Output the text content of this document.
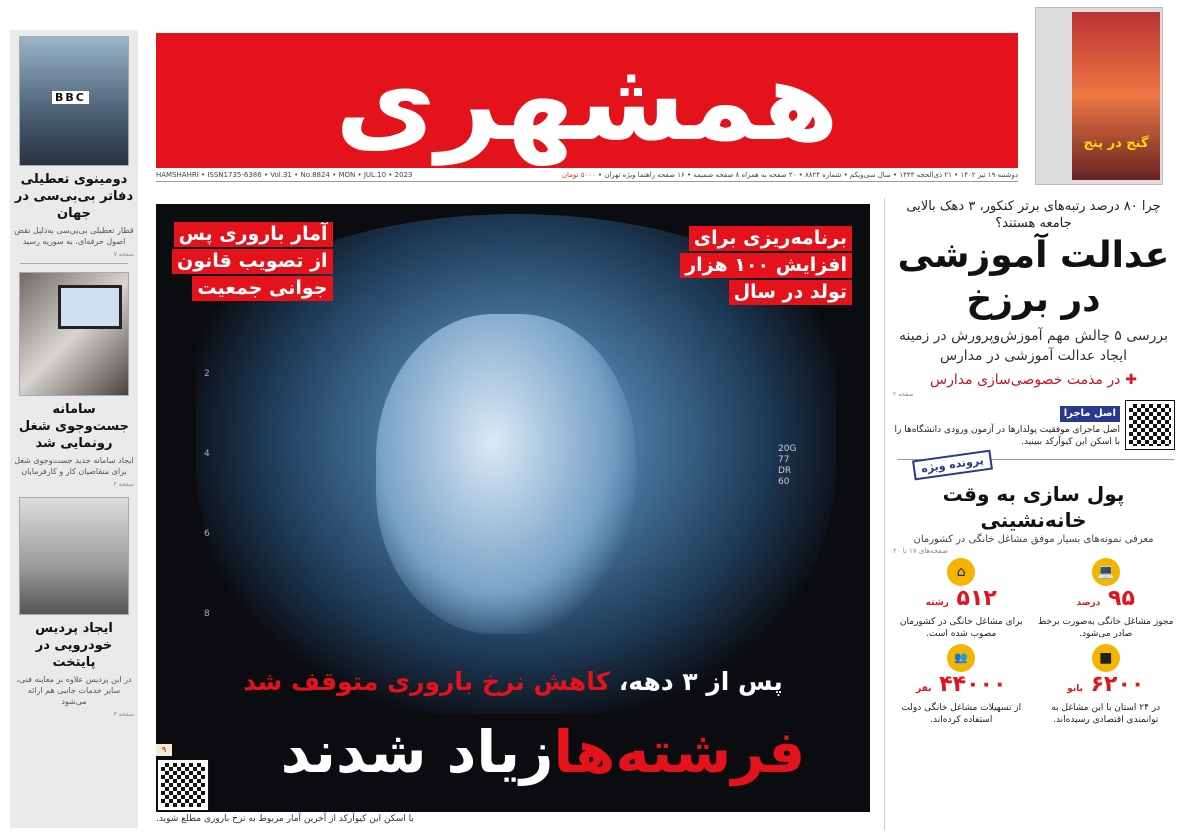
BBC
دومینوی تعطیلی دفاتر بی‌بی‌سی در جهان
قطار تعطیلی بی‌بی‌سی به‌دلیل نقض اصول حرفه‌ای، به سوریه رسید
صفحه ۷
سامانه جست‌وجوی شغل رونمایی شد
ایجاد سامانه جدید جست‌وجوی شغل برای متقاضیان کار و کارفرمایان
صفحه ۴
ایجاد پردیس خودرویی در پایتخت
در این پردیس علاوه بر معاینه فنی، سایر خدمات جانبی هم ارائه می‌شود
صفحه ۳
همشهری
HAMSHAHRI • ISSN1735-6386 • Vol.31 • No.8824 • MON • JUL.10 • 2023	دوشنبه ۱۹ تیر ۱۴۰۲ • ۲۱ ذی‌الحجه ۱۴۴۴ • سال سی‌ویکم • شماره ۸۸۲۴ • ۲۰ صفحه به همراه ۸ صفحه ضمیمه • ۱۶ صفحه راهنما ویژه تهران • ۵۰۰۰ تومان
گنج در پنج
2
4
6
8
20G
77
DR
60
برنامه‌ریزی برای
افزایش ۱۰۰ هزار
تولد در سال
آمار باروری پس
از تصویب قانون
جوانی جمعیت
پس از ۳ دهه، کاهش نرخ باروری متوقف شد
فرشته‌هازیاد شدند
۹
با اسکن این کیوآرکد از آخرین آمار مربوط به نرخ باروری مطلع شوید.
چرا ۸۰ درصد رتبه‌های برتر کنکور، ۳ دهک بالایی جامعه هستند؟
عدالت آموزشی در برزخ
بررسی ۵ چالش مهم آموزش‌وپرورش در زمینه ایجاد عدالت آموزشی در مدارس
✚ در مذمت خصوصی‌سازی مدارس
صفحه ۲
اصل ماجرا
اصل ماجرای موفقیت پولدارها در آزمون ورودی دانشگاه‌ها را با اسکن این کیوآرکد ببینید.
پرونده ویژه
پول سازی به وقت خانه‌نشینی
معرفی نمونه‌های بسیار موفق مشاغل خانگی در کشورمان
صفحه‌های ۱۷ تا ۲۰
💻
۹۵ درصد
مجوز مشاغل خانگی به‌صورت برخط صادر می‌شود.
⌂
۵۱۲ رشته
برای مشاغل خانگی در کشورمان مصوب شده است.
■
۶۲۰۰ بانو
در ۲۴ استان با این مشاغل به توانمندی اقتصادی رسیده‌اند.
👥
۴۴۰۰۰ نفر
از تسهیلات مشاغل خانگی دولت استفاده کرده‌اند.
